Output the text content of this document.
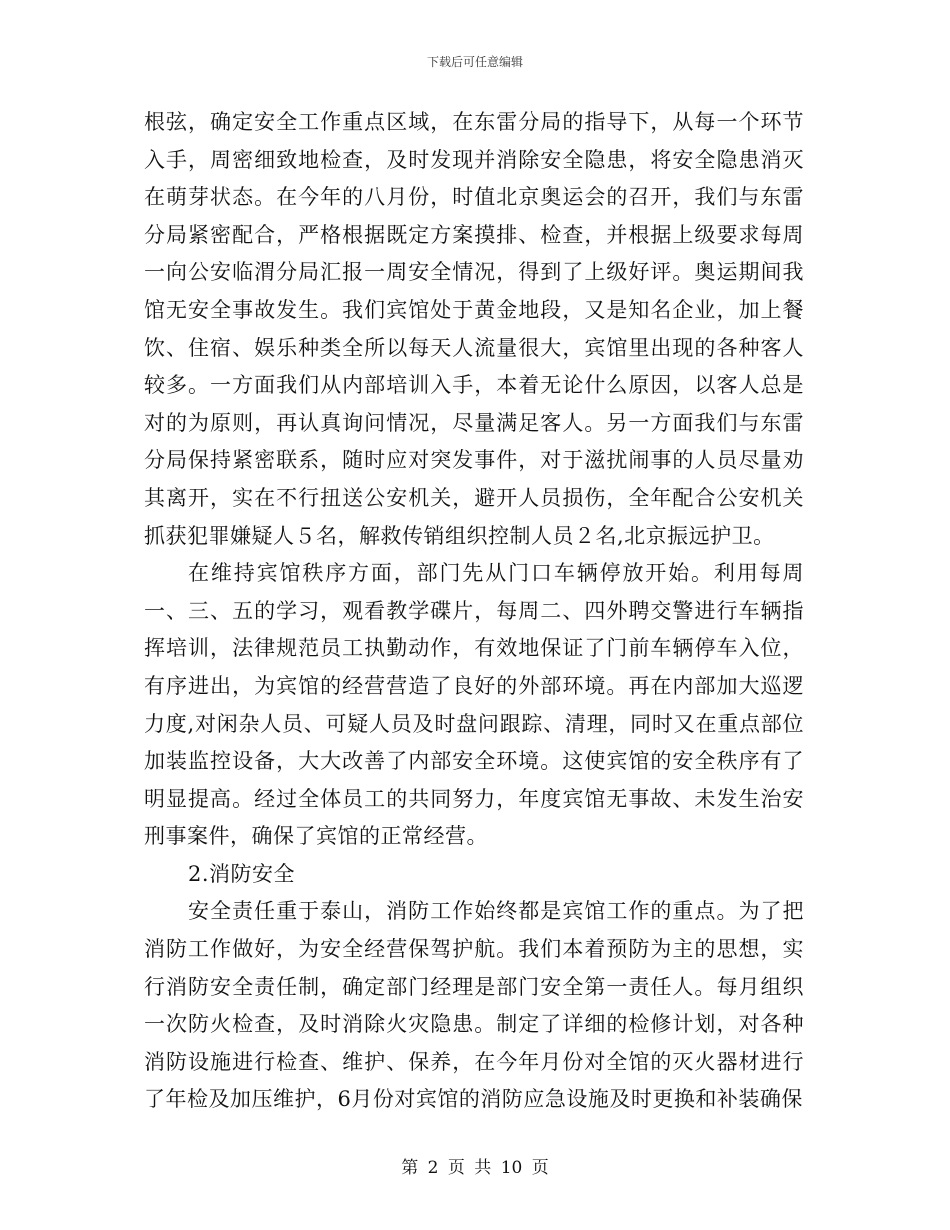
下载后可任意编辑

根弦，确定安全工作重点区域，在东雷分局的指导下，从每一个环节入手，周密细致地检查，及时发现并消除安全隐患，将安全隐患消灭在萌芽状态。在今年的八月份，时值北京奥运会的召开，我们与东雷分局紧密配合，严格根据既定方案摸排、检查，并根据上级要求每周一向公安临渭分局汇报一周安全情况，得到了上级好评。奥运期间我馆无安全事故发生。我们宾馆处于黄金地段，又是知名企业，加上餐饮、住宿、娱乐种类全所以每天人流量很大，宾馆里出现的各种客人较多。一方面我们从内部培训入手，本着无论什么原因，以客人总是对的为原则，再认真询问情况，尽量满足客人。另一方面我们与东雷分局保持紧密联系，随时应对突发事件，对于滋扰闹事的人员尽量劝其离开，实在不行扭送公安机关，避开人员损伤，全年配合公安机关抓获犯罪嫌疑人５名，解救传销组织控制人员２名,北京振远护卫。

在维持宾馆秩序方面，部门先从门口车辆停放开始。利用每周一、三、五的学习，观看教学碟片，每周二、四外聘交警进行车辆指挥培训，法律规范员工执勤动作，有效地保证了门前车辆停车入位，有序进出，为宾馆的经营营造了良好的外部环境。再在内部加大巡逻力度,对闲杂人员、可疑人员及时盘问跟踪、清理，同时又在重点部位加装监控设备，大大改善了内部安全环境。这使宾馆的安全秩序有了明显提高。经过全体员工的共同努力，年度宾馆无事故、未发生治安刑事案件，确保了宾馆的正常经营。

2.消防安全

安全责任重于泰山，消防工作始终都是宾馆工作的重点。为了把消防工作做好，为安全经营保驾护航。我们本着预防为主的思想，实行消防安全责任制，确定部门经理是部门安全第一责任人。每月组织一次防火检查，及时消除火灾隐患。制定了详细的检修计划，对各种消防设施进行检查、维护、保养，在今年月份对全馆的灭火器材进行了年检及加压维护，6月份对宾馆的消防应急设施及时更换和补装确保

第 2 页 共 10 页
